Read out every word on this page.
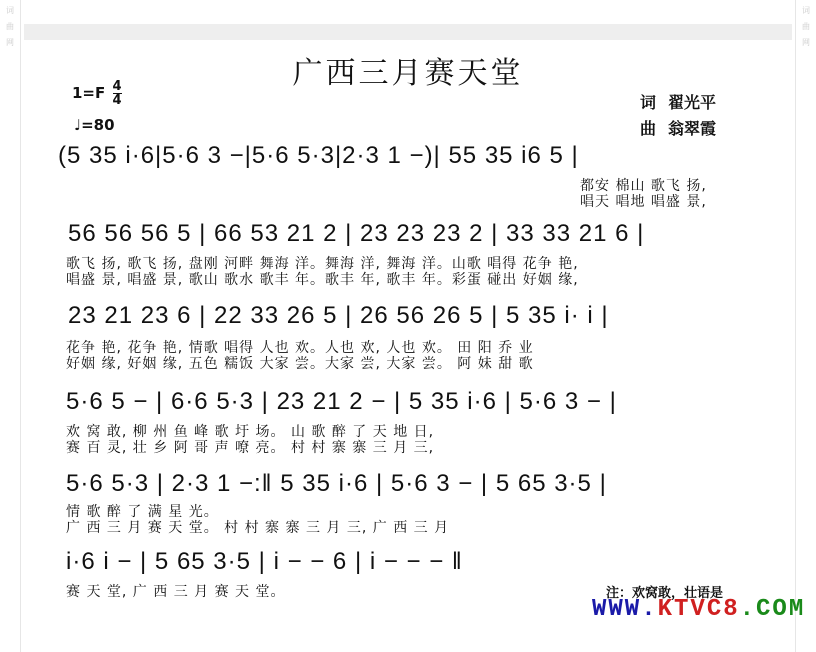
词
曲
网
词
曲
网
广西三月赛天堂
$1=F \frac{4}{4}$
♩=80
词 翟光平
曲 翁翠霞
(5 35 i·6|5·6 3 −|5·6 5·3|2·3 1 −)| 55 35 i6 5 |
都安 棉山 歌飞 扬,
唱天 唱地 唱盛 景,
56 56 56 5 | 66 53 21 2 | 23 23 23 2 | 33 33 21 6 |
歌飞 扬, 歌飞 扬, 盘刚 河畔 舞海 洋。舞海 洋, 舞海 洋。山歌 唱得 花争 艳,
唱盛 景, 唱盛 景, 歌山 歌水 歌丰 年。歌丰 年, 歌丰 年。彩蛋 碰出 好姻 缘,
23 21 23 6 | 22 33 26 5 | 26 56 26 5 | 5 35 i· i |
花争 艳, 花争 艳, 情歌 唱得 人也 欢。人也 欢, 人也 欢。 田 阳 乔 业
好姻 缘, 好姻 缘, 五色 糯饭 大家 尝。大家 尝, 大家 尝。 阿 妹 甜 歌
5·6 5 − | 6·6 5·3 | 23 21 2 − | 5 35 i·6 | 5·6 3 − |
欢 窝 敢, 柳 州 鱼 峰 歌 圩 场。 山 歌 醉 了 天 地 日,
赛 百 灵, 壮 乡 阿 哥 声 嘹 亮。 村 村 寨 寨 三 月 三,
5·6 5·3 | 2·3 1 −:‖ 5 35 i·6 | 5·6 3 − | 5 65 3·5 |
情 歌 醉 了 满 星 光。
广 西 三 月 赛 天 堂。 村 村 寨 寨 三 月 三, 广 西 三 月
i·6 i − | 5 65 3·5 | i − − 6 | i − − − ‖
赛 天 堂, 广 西 三 月 赛 天 堂。	注：欢窝敢，壮语是
WWW.KTVC8.COM
